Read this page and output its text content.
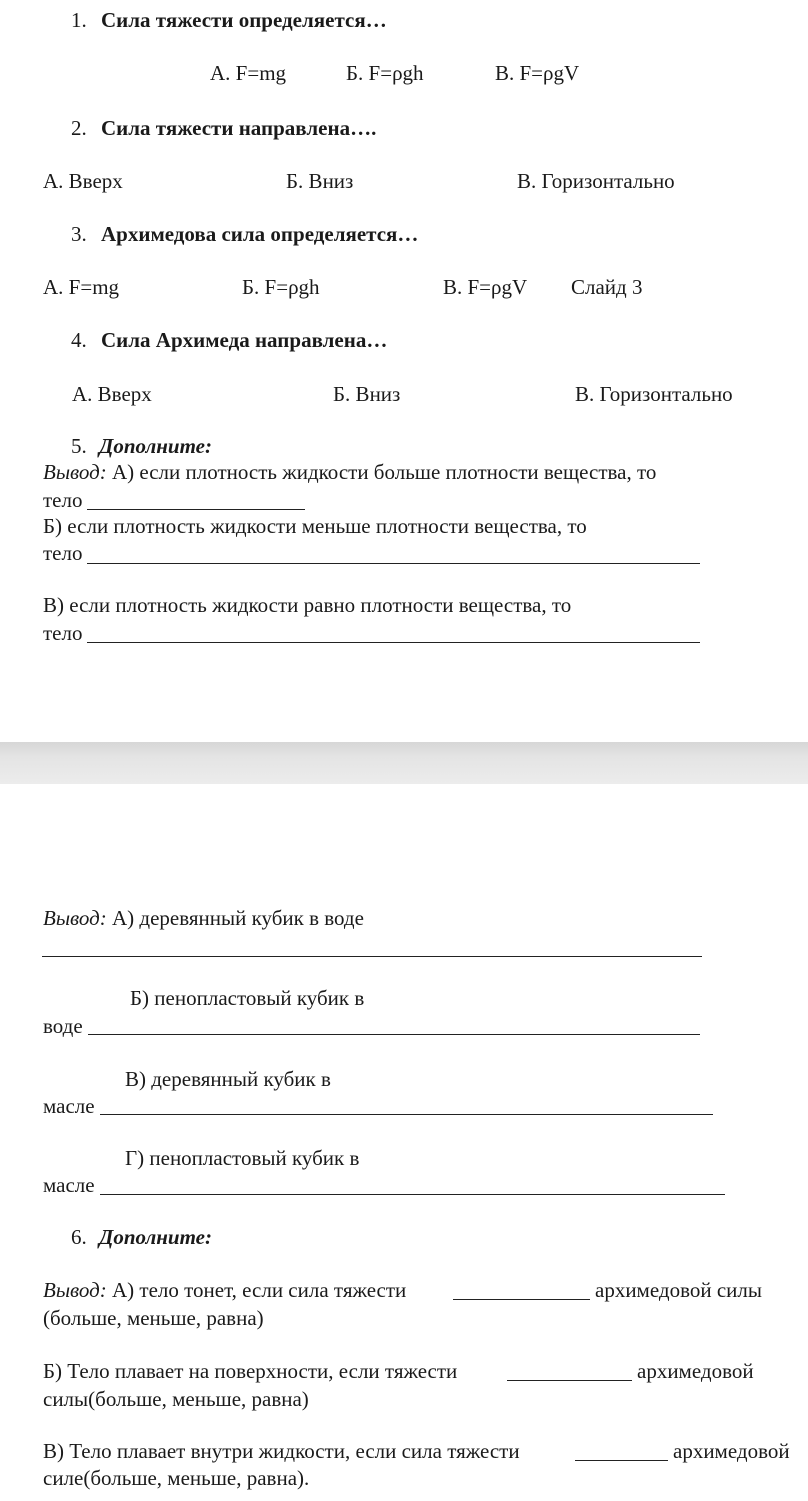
1. Сила тяжести определяется…
А. F=mg	Б. F=ρgh	В. F=ρgV
2. Сила тяжести направлена….
А. Вверх	Б. Вниз	В. Горизонтально
3. Архимедова сила определяется…
А. F=mg	Б. F=ρgh	В. F=ρgV Слайд 3
4. Сила Архимеда направлена…
А. Вверх	Б. Вниз	В. Горизонтально
5. Дополните:
Вывод: А) если плотность жидкости больше плотности вещества, то
тело
Б) если плотность жидкости меньше плотности вещества, то
тело
В) если плотность жидкости равно плотности вещества, то
тело
Вывод: А) деревянный кубик в воде
Б) пенопластовый кубик в
воде
В) деревянный кубик в
масле
Г) пенопластовый кубик в
масле
6. Дополните:
Вывод: А) тело тонет, если сила тяжести	архимедовой силы
(больше, меньше, равна)
Б) Тело плавает на поверхности, если тяжести	архимедовой
силы(больше, меньше, равна)
В) Тело плавает внутри жидкости, если сила тяжести	архимедовой
силе(больше, меньше, равна).
